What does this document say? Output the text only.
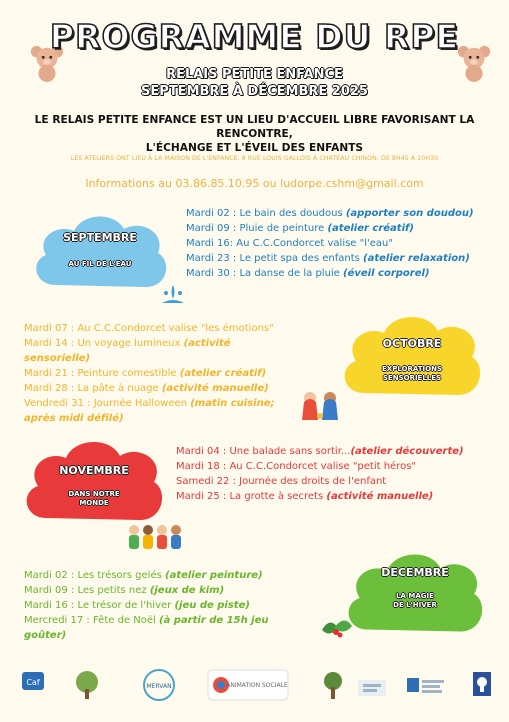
PROGRAMME DU RPE
RELAIS PETITE ENFANCE
SEPTEMBRE À DÉCEMBRE 2025
LE RELAIS PETITE ENFANCE EST UN LIEU D'ACCUEIL LIBRE FAVORISANT LA RENCONTRE,
L'ÉCHANGE ET L'ÉVEIL DES ENFANTS
LES ATELIERS ONT LIEU À LA MAISON DE L'ENFANCE, 8 RUE LOUIS GALLOIS À CHATEAU CHINON, DE 8H45 À 10H30
Informations au 03.86.85.10.95 ou ludorpe.cshm@gmail.com
SEPTEMBRE
AU FIL DE L'EAU
Mardi 02 : Le bain des doudous (apporter son doudou)
Mardi 09 : Pluie de peinture (atelier créatif)
Mardi 16: Au C.C.Condorcet valise "l'eau"
Mardi 23 : Le petit spa des enfants (atelier relaxation)
Mardi 30 : La danse de la pluie (éveil corporel)
OCTOBRE
EXPLORATIONS
SENSORIELLES
Mardi 07 : Au C.C.Condorcet valise "les émotions"
Mardi 14 : Un voyage lumineux (activité
sensorielle)
Mardi 21 : Peinture comestible (atelier créatif)
Mardi 28 : La pâte à nuage (activité manuelle)
Vendredi 31 : Journée Halloween (matin cuisine;
après midi défilé)
NOVEMBRE
DANS NOTRE
MONDE
Mardi 04 : Une balade sans sortir...(atelier découverte)
Mardi 18 : Au C.C.Condorcet valise "petit héros"
Samedi 22 : Journée des droits de l'enfant
Mardi 25 : La grotte à secrets (activité manuelle)
DECEMBRE
LA MAGIE
DE L'HIVER
Mardi 02 : Les trésors gelés (atelier peinture)
Mardi 09 : Les petits nez (jeux de kim)
Mardi 16 : Le trésor de l'hiver (jeu de piste)
Mercredi 17 : Fête de Noël (à partir de 15h jeu
goûter)
Caf	MERVAN	ANIMATION SOCIALE
